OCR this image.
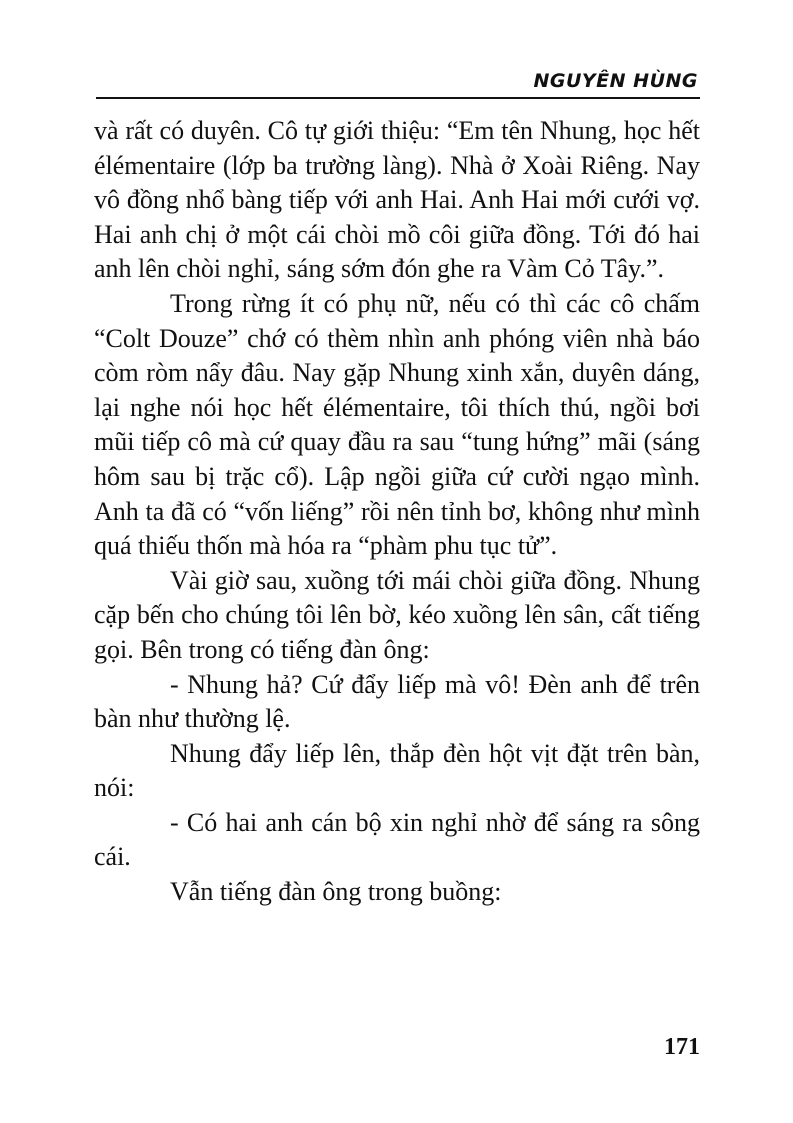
NGUYÊN HÙNG

và rất có duyên. Cô tự giới thiệu: “Em tên Nhung, học hết élémentaire (lớp ba trường làng). Nhà ở Xoài Riêng. Nay vô đồng nhổ bàng tiếp với anh Hai. Anh Hai mới cưới vợ. Hai anh chị ở một cái chòi mồ côi giữa đồng. Tới đó hai anh lên chòi nghỉ, sáng sớm đón ghe ra Vàm Cỏ Tây.”.

Trong rừng ít có phụ nữ, nếu có thì các cô chấm “Colt Douze” chớ có thèm nhìn anh phóng viên nhà báo còm ròm nẩy đâu. Nay gặp Nhung xinh xắn, duyên dáng, lại nghe nói học hết élémentaire, tôi thích thú, ngồi bơi mũi tiếp cô mà cứ quay đầu ra sau “tung hứng” mãi (sáng hôm sau bị trặc cổ). Lập ngồi giữa cứ cười ngạo mình. Anh ta đã có “vốn liếng” rồi nên tỉnh bơ, không như mình quá thiếu thốn mà hóa ra “phàm phu tục tử”.

Vài giờ sau, xuồng tới mái chòi giữa đồng. Nhung cặp bến cho chúng tôi lên bờ, kéo xuồng lên sân, cất tiếng gọi. Bên trong có tiếng đàn ông:

- Nhung hả? Cứ đẩy liếp mà vô! Đèn anh để trên bàn như thường lệ.

Nhung đẩy liếp lên, thắp đèn hột vịt đặt trên bàn, nói:

- Có hai anh cán bộ xin nghỉ nhờ để sáng ra sông cái.

Vẫn tiếng đàn ông trong buồng:

171
